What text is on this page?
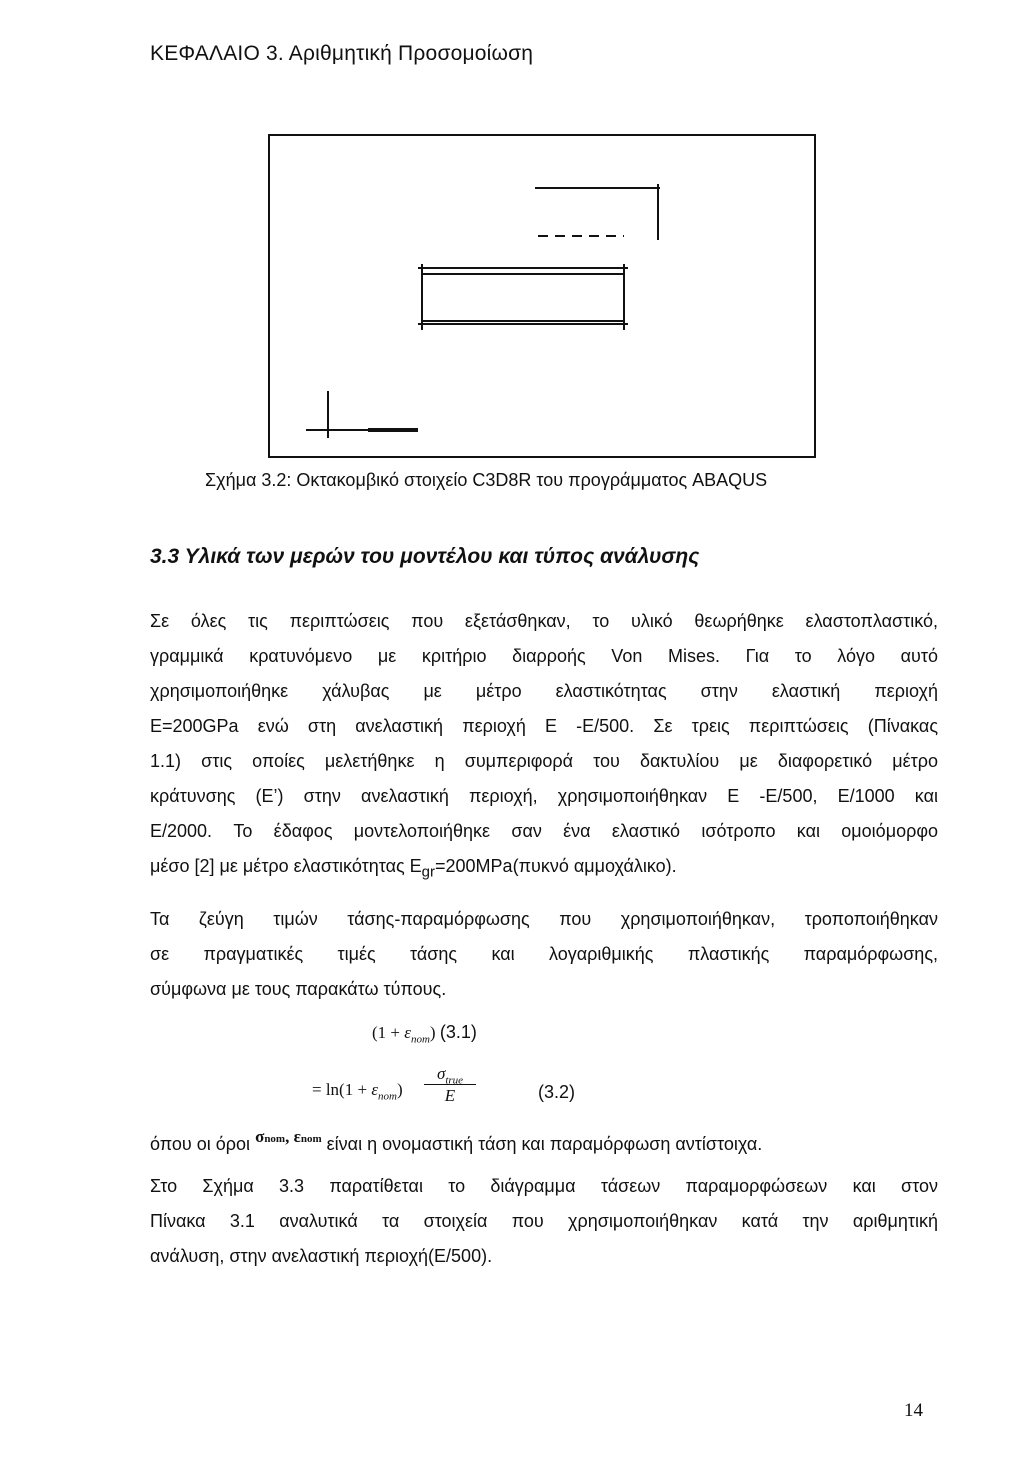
ΚΕΦΑΛΑΙΟ 3. Αριθμητική Προσομοίωση
Σχήμα 3.2: Οκτακομβικό στοιχείο C3D8R του προγράμματος ABAQUS
3.3 Υλικά των μερών του μοντέλου και τύπος ανάλυσης
Σε όλες τις περιπτώσεις που εξετάσθηκαν, το υλικό θεωρήθηκε ελαστοπλαστικό,
γραμμικά κρατυνόμενο με κριτήριο διαρροής Von Mises. Για το λόγο αυτό
χρησιμοποιήθηκε χάλυβας με μέτρο ελαστικότητας στην ελαστική περιοχή
E=200GPa ενώ στη ανελαστική περιοχή E -E/500. Σε τρεις περιπτώσεις (Πίνακας
1.1) στις οποίες μελετήθηκε η συμπεριφορά του δακτυλίου με διαφορετικό μέτρο
κράτυνσης (E’) στην ανελαστική περιοχή, χρησιμοποιήθηκαν E -E/500, E/1000 και
E/2000. Το έδαφος μοντελοποιήθηκε σαν ένα ελαστικό ισότροπο και ομοιόμορφο
μέσο [2] με μέτρο ελαστικότητας $E_{gr}=200MPa(\pi\upsilon\kappa\nu ό$ αμμοχάλικο).
Τα ζεύγη τιμών τάσης-παραμόρφωσης που χρησιμοποιήθηκαν, τροποποιήθηκαν
σε πραγματικές τιμές τάσης και λογαριθμικής πλαστικής παραμόρφωσης,
σύμφωνα με τους παρακάτω τύπους.
$(1 + \varepsilon_{nom})$ (3.1)
= $\ln(1 + \varepsilon_{nom})$
$\sigma_{true}$
E	(3.2)
όπου οι όροι σnom, εnom είναι η ονομαστική τάση και παραμόρφωση αντίστοιχα.
Στο Σχήμα 3.3 παρατίθεται το διάγραμμα τάσεων παραμορφώσεων και στον
Πίνακα 3.1 αναλυτικά τα στοιχεία που χρησιμοποιήθηκαν κατά την αριθμητική
ανάλυση, στην ανελαστική περιοχή(E/500).
14
